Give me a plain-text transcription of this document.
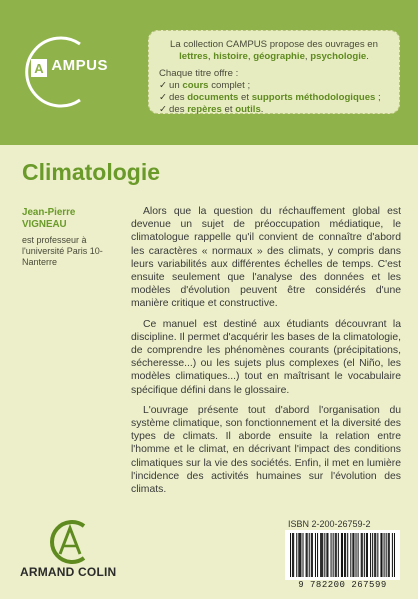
A AMPUS
La collection CAMPUS propose des ouvrages en lettres, histoire, géographie, psychologie.
Chaque titre offre :
✓ un cours complet ;
✓ des documents et supports méthodologiques ;
✓ des repères et outils.
Climatologie
Jean-Pierre
VIGNEAU
est professeur à l'université Paris 10-Nanterre

Alors que la question du réchauffement global est devenue un sujet de préoccupation médiatique, le climatologue rappelle qu'il convient de connaître d'abord les caractères « normaux » des climats, y compris dans leurs variabilités aux différentes échelles de temps. C'est ensuite seulement que l'analyse des données et les modèles d'évolution peuvent être considérés d'une manière critique et constructive.

Ce manuel est destiné aux étudiants découvrant la discipline. Il permet d'acquérir les bases de la climatologie, de comprendre les phénomènes courants (précipitations, sécheresse...) ou les sujets plus complexes (el Niño, les modèles climatiques...) tout en maîtrisant le vocabulaire spécifique défini dans le glossaire.

L'ouvrage présente tout d'abord l'organisation du système climatique, son fonctionnement et la diversité des types de climats. Il aborde ensuite la relation entre l'homme et le climat, en décrivant l'impact des conditions climatiques sur la vie des sociétés. Enfin, il met en lumière l'incidence des activités humaines sur l'évolution des climats.

ARMAND COLIN
ISBN 2-200-26759-2
9 782200 267599
